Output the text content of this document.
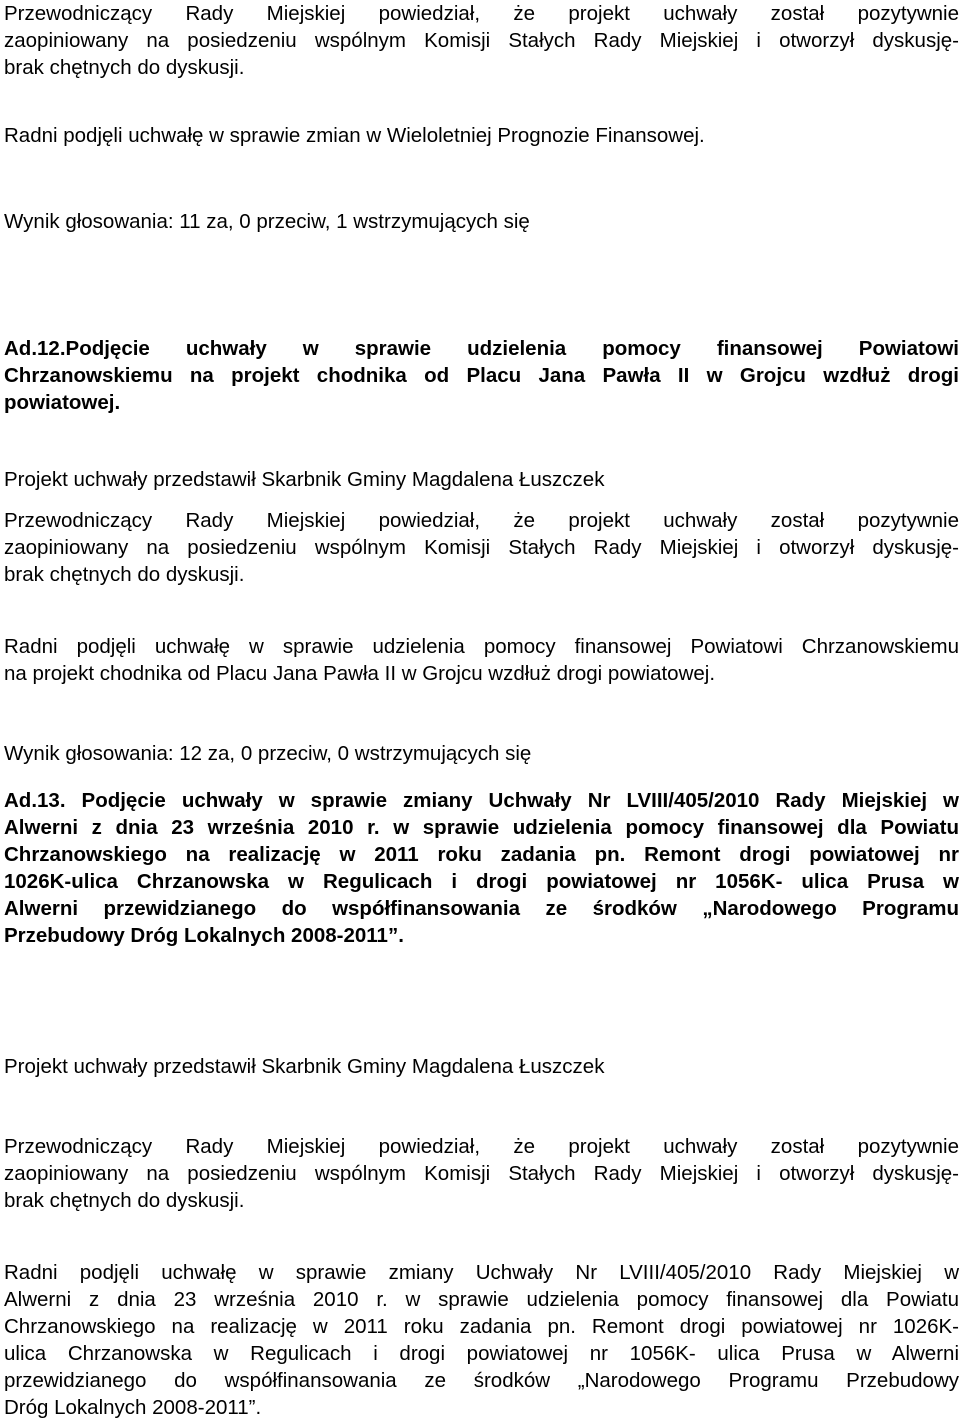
Przewodniczący Rady Miejskiej powiedział, że projekt uchwały został pozytywnie
zaopiniowany na posiedzeniu wspólnym Komisji Stałych Rady Miejskiej i otworzył dyskusję-
brak chętnych do dyskusji.
Radni podjęli uchwałę w sprawie zmian w Wieloletniej Prognozie Finansowej.
Wynik głosowania: 11 za, 0 przeciw, 1 wstrzymujących się
Ad.12.Podjęcie uchwały w sprawie udzielenia pomocy finansowej Powiatowi
Chrzanowskiemu na projekt chodnika od Placu Jana Pawła II w Grojcu wzdłuż drogi
powiatowej.
Projekt uchwały przedstawił Skarbnik Gminy Magdalena Łuszczek
Przewodniczący Rady Miejskiej powiedział, że projekt uchwały został pozytywnie
zaopiniowany na posiedzeniu wspólnym Komisji Stałych Rady Miejskiej i otworzył dyskusję-
brak chętnych do dyskusji.
Radni podjęli uchwałę w sprawie udzielenia pomocy finansowej Powiatowi Chrzanowskiemu
na projekt chodnika od Placu Jana Pawła II w Grojcu wzdłuż drogi powiatowej.
Wynik głosowania: 12 za, 0 przeciw, 0 wstrzymujących się
Ad.13. Podjęcie uchwały w sprawie zmiany Uchwały Nr LVIII/405/2010 Rady Miejskiej w
Alwerni z dnia 23 września 2010 r. w sprawie udzielenia pomocy finansowej dla Powiatu
Chrzanowskiego na realizację w 2011 roku zadania pn. Remont drogi powiatowej nr
1026K-ulica Chrzanowska w Regulicach i drogi powiatowej nr 1056K- ulica Prusa w
Alwerni przewidzianego do współfinansowania ze środków „Narodowego Programu
Przebudowy Dróg Lokalnych 2008-2011”.
Projekt uchwały przedstawił Skarbnik Gminy Magdalena Łuszczek
Przewodniczący Rady Miejskiej powiedział, że projekt uchwały został pozytywnie
zaopiniowany na posiedzeniu wspólnym Komisji Stałych Rady Miejskiej i otworzył dyskusję-
brak chętnych do dyskusji.
Radni podjęli uchwałę w sprawie zmiany Uchwały Nr LVIII/405/2010 Rady Miejskiej w
Alwerni z dnia 23 września 2010 r. w sprawie udzielenia pomocy finansowej dla Powiatu
Chrzanowskiego na realizację w 2011 roku zadania pn. Remont drogi powiatowej nr 1026K-
ulica Chrzanowska w Regulicach i drogi powiatowej nr 1056K- ulica Prusa w Alwerni
przewidzianego do współfinansowania ze środków „Narodowego Programu Przebudowy
Dróg Lokalnych 2008-2011”.
